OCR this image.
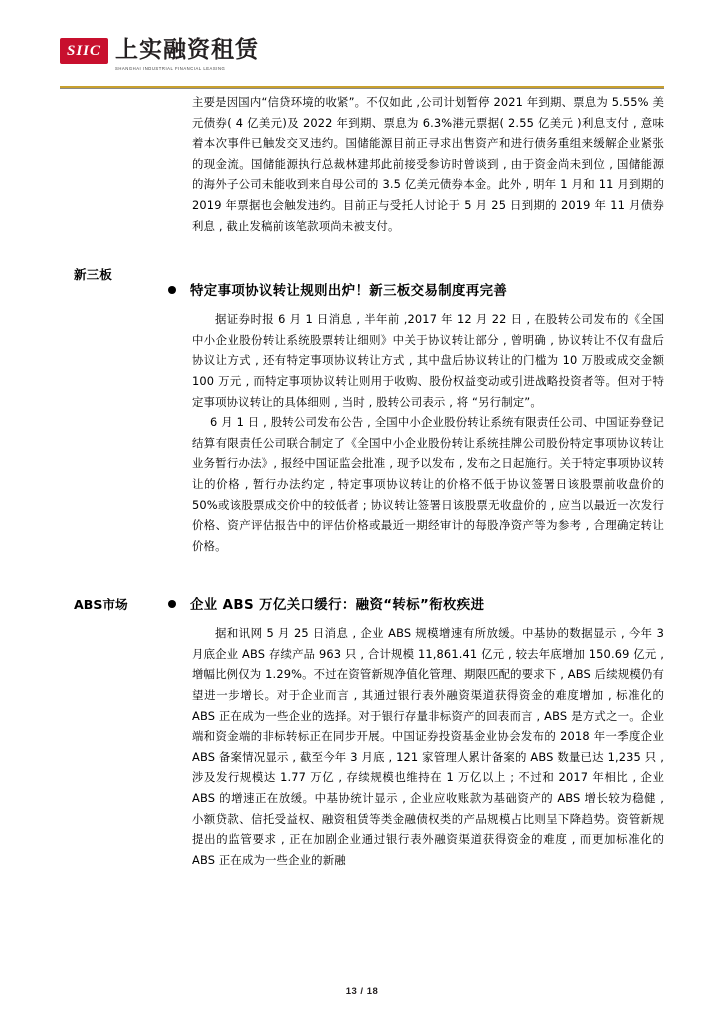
SIIC 上实融资租赁
SHANGHAI INDUSTRIAL FINANCIAL LEASING
主要是因国内“信贷环境的收紧”。不仅如此 ,公司计划暂停 2021 年到期、票息为 5.55% 美元债券( 4 亿美元)及 2022 年到期、票息为 6.3%港元票据( 2.55 亿美元 )利息支付 , 意味着本次事件已触发交叉违约。国储能源目前正寻求出售资产和进行债务重组来缓解企业紧张的现金流。国储能源执行总裁林建邦此前接受参访时曾谈到 , 由于资金尚未到位 , 国储能源的海外子公司未能收到来自母公司的 3.5 亿美元债券本金。此外 , 明年 1 月和 11 月到期的 2019 年票据也会触发违约。目前正与受托人讨论于 5 月 25 日到期的 2019 年 11 月债券利息 , 截止发稿前该笔款项尚未被支付。
新三板
特定事项协议转让规则出炉！新三板交易制度再完善
据证券时报 6 月 1 日消息 , 半年前 ,2017 年 12 月 22 日 , 在股转公司发布的《全国中小企业股份转让系统股票转让细则》中关于协议转让部分 , 曾明确 , 协议转让不仅有盘后协议让方式 , 还有特定事项协议转让方式 , 其中盘后协议转让的门槛为 10 万股或成交金额 100 万元 , 而特定事项协议转让则用于收购、股份权益变动或引进战略投资者等。但对于特定事项协议转让的具体细则 , 当时 , 股转公司表示 , 将 “另行制定”。
6 月 1 日 , 股转公司发布公告 , 全国中小企业股份转让系统有限责任公司、中国证券登记结算有限责任公司联合制定了《全国中小企业股份转让系统挂牌公司股份特定事项协议转让业务暂行办法》, 报经中国证监会批准 , 现予以发布 , 发布之日起施行。关于特定事项协议转让的价格 , 暂行办法约定 , 特定事项协议转让的价格不低于协议签署日该股票前收盘价的 50%或该股票成交价中的较低者 ; 协议转让签署日该股票无收盘价的 , 应当以最近一次发行价格、资产评估报告中的评估价格或最近一期经审计的每股净资产等为参考 , 合理确定转让价格。
ABS市场	企业 ABS 万亿关口缓行：融资“转标”衔枚疾进
据和讯网 5 月 25 日消息 , 企业 ABS 规模增速有所放缓。中基协的数据显示 , 今年 3 月底企业 ABS 存续产品 963 只 , 合计规模 11,861.41 亿元 , 较去年底增加 150.69 亿元 , 增幅比例仅为 1.29%。不过在资管新规净值化管理、期限匹配的要求下 , ABS 后续规模仍有望进一步增长。对于企业而言 , 其通过银行表外融资渠道获得资金的难度增加 , 标准化的 ABS 正在成为一些企业的选择。对于银行存量非标资产的回表而言 , ABS 是方式之一。企业端和资金端的非标转标正在同步开展。中国证券投资基金业协会发布的 2018 年一季度企业 ABS 备案情况显示 , 截至今年 3 月底 , 121 家管理人累计备案的 ABS 数量已达 1,235 只 , 涉及发行规模达 1.77 万亿 , 存续规模也维持在 1 万亿以上 ; 不过和 2017 年相比 , 企业 ABS 的增速正在放缓。中基协统计显示 , 企业应收账款为基础资产的 ABS 增长较为稳健 , 小额贷款、信托受益权、融资租赁等类金融债权类的产品规模占比则呈下降趋势。资管新规提出的监管要求 , 正在加剧企业通过银行表外融资渠道获得资金的难度 , 而更加标准化的 ABS 正在成为一些企业的新融
13 / 18
